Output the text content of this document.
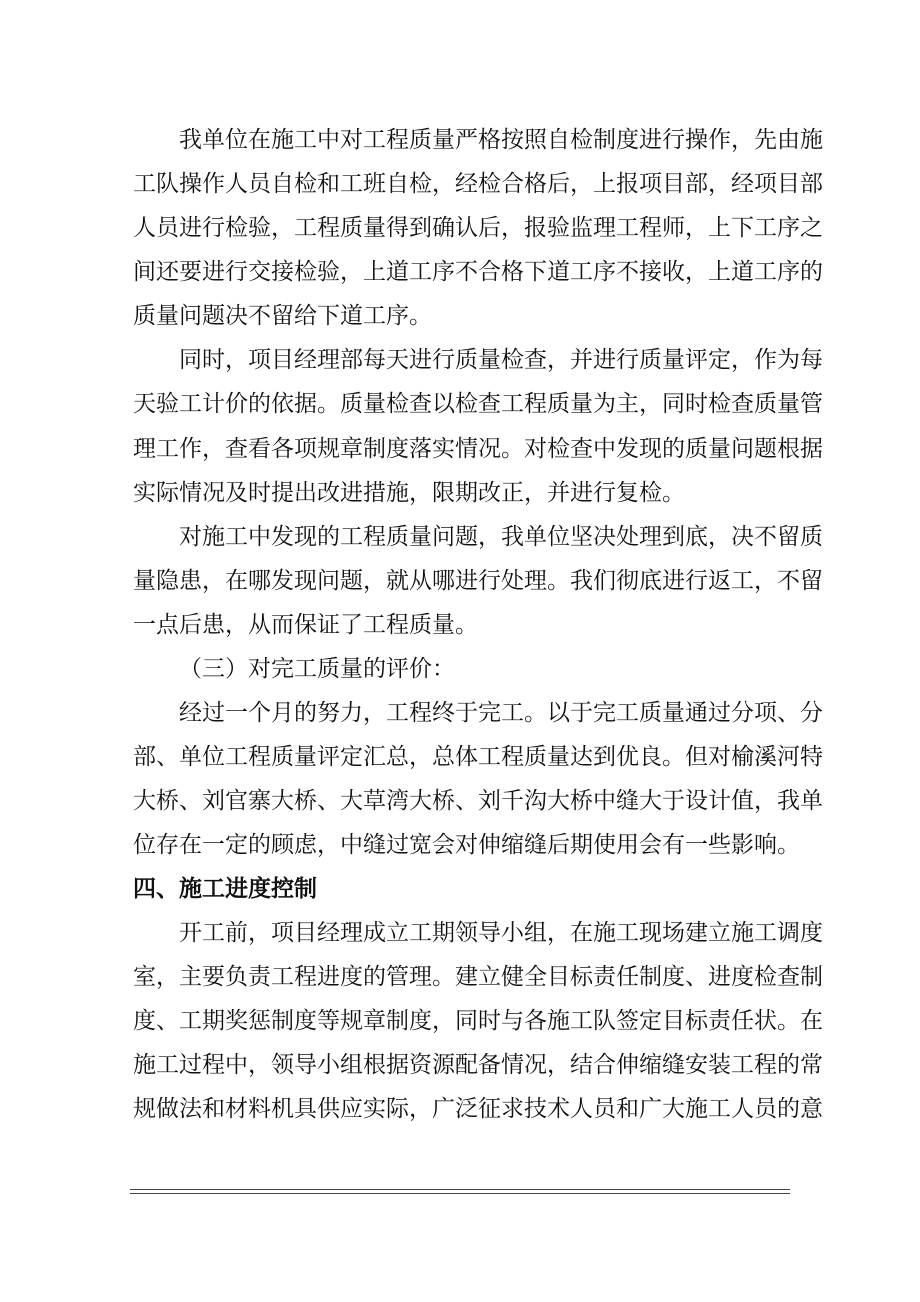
我单位在施工中对工程质量严格按照自检制度进行操作，先由施
工队操作人员自检和工班自检，经检合格后，上报项目部，经项目部
人员进行检验，工程质量得到确认后，报验监理工程师，上下工序之
间还要进行交接检验，上道工序不合格下道工序不接收，上道工序的
质量问题决不留给下道工序。
同时，项目经理部每天进行质量检查，并进行质量评定，作为每
天验工计价的依据。质量检查以检查工程质量为主，同时检查质量管
理工作，查看各项规章制度落实情况。对检查中发现的质量问题根据
实际情况及时提出改进措施，限期改正，并进行复检。
对施工中发现的工程质量问题，我单位坚决处理到底，决不留质
量隐患，在哪发现问题，就从哪进行处理。我们彻底进行返工，不留
一点后患，从而保证了工程质量。
（三）对完工质量的评价：
经过一个月的努力，工程终于完工。以于完工质量通过分项、分
部、单位工程质量评定汇总，总体工程质量达到优良。但对榆溪河特
大桥、刘官寨大桥、大草湾大桥、刘千沟大桥中缝大于设计值，我单
位存在一定的顾虑，中缝过宽会对伸缩缝后期使用会有一些影响。
四、施工进度控制
开工前，项目经理成立工期领导小组，在施工现场建立施工调度
室，主要负责工程进度的管理。建立健全目标责任制度、进度检查制
度、工期奖惩制度等规章制度，同时与各施工队签定目标责任状。在
施工过程中，领导小组根据资源配备情况，结合伸缩缝安装工程的常
规做法和材料机具供应实际，广泛征求技术人员和广大施工人员的意
